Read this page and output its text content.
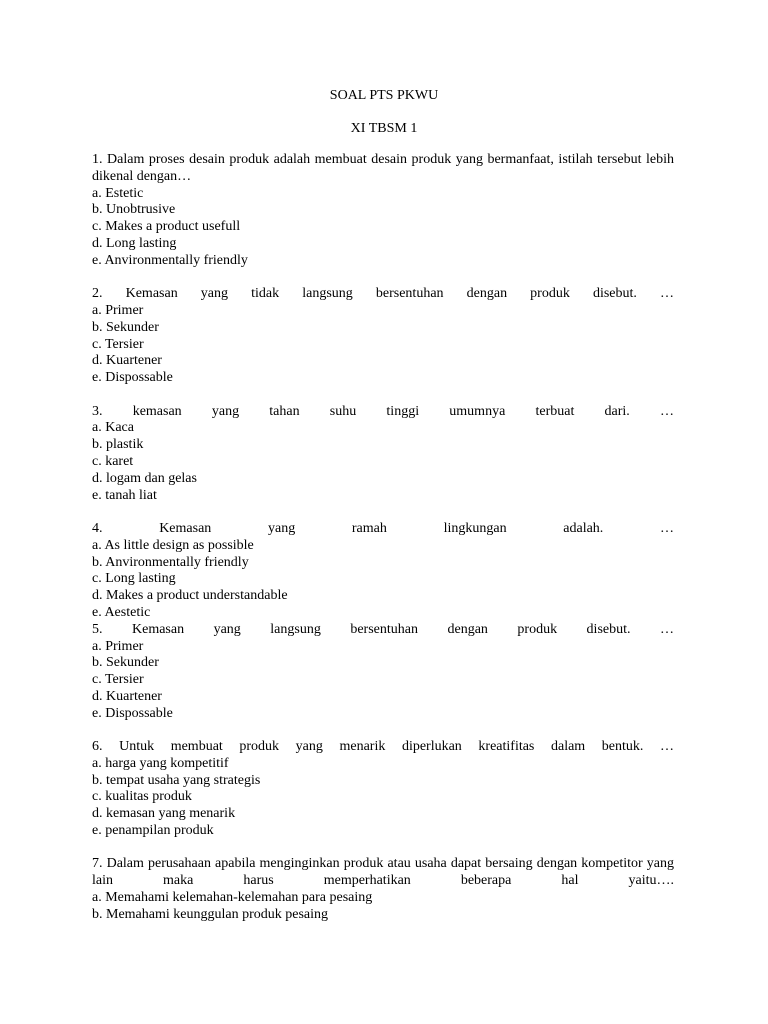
SOAL PTS PKWU
XI TBSM 1
1. Dalam proses desain produk adalah membuat desain produk yang bermanfaat, istilah tersebut lebih dikenal dengan…
a. Estetic
b. Unobtrusive
c. Makes a product usefull
d. Long lasting
e. Anvironmentally friendly
2. Kemasan yang tidak langsung bersentuhan dengan produk disebut. …
a. Primer
b. Sekunder
c. Tersier
d. Kuartener
e. Dispossable
3. kemasan yang tahan suhu tinggi umumnya terbuat dari. …
a. Kaca
b. plastik
c. karet
d. logam dan gelas
e. tanah liat
4. Kemasan yang ramah lingkungan adalah. …
a. As little design as possible
b. Anvironmentally friendly
c. Long lasting
d. Makes a product understandable
e. Aestetic
5. Kemasan yang langsung bersentuhan dengan produk disebut. …
a. Primer
b. Sekunder
c. Tersier
d. Kuartener
e. Dispossable
6. Untuk membuat produk yang menarik diperlukan kreatifitas dalam bentuk. …
a. harga yang kompetitif
b. tempat usaha yang strategis
c. kualitas produk
d. kemasan yang menarik
e. penampilan produk
7. Dalam perusahaan apabila menginginkan produk atau usaha dapat bersaing dengan kompetitor yang lain maka harus memperhatikan beberapa hal yaitu….
a. Memahami kelemahan-kelemahan para pesaing
b. Memahami keunggulan produk pesaing
